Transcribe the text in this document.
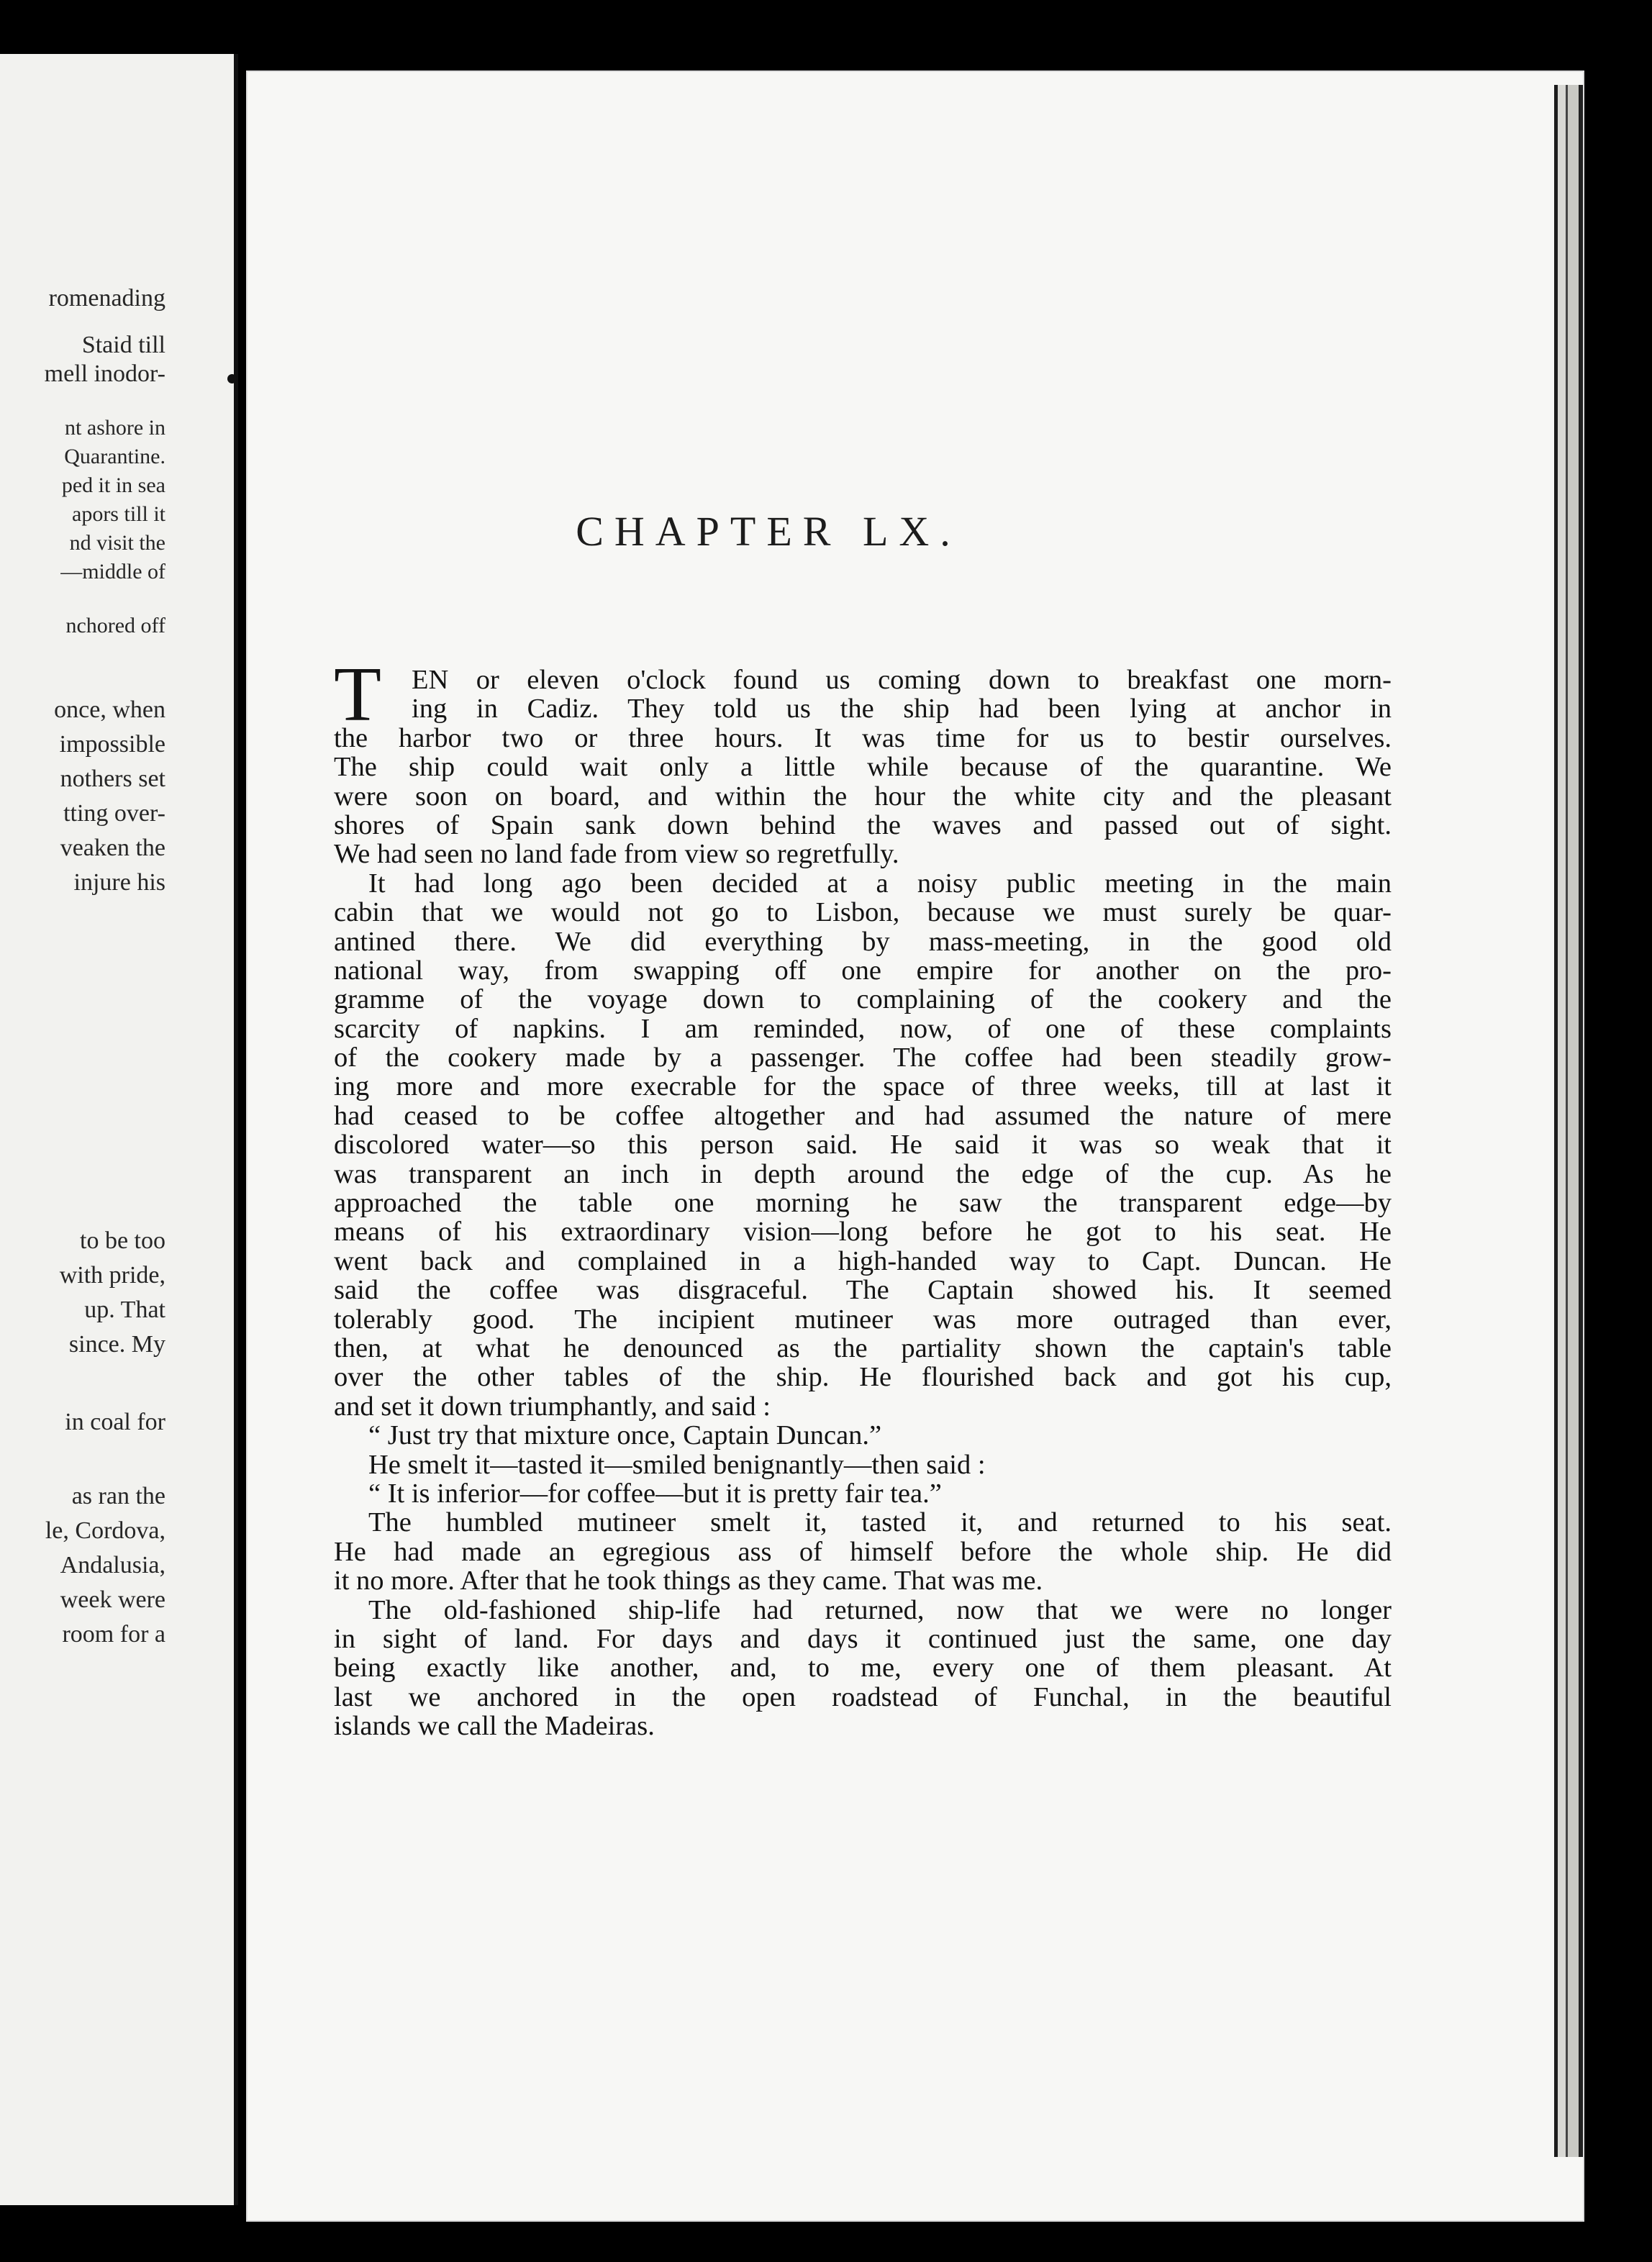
romenading
Staid till
mell inodor-
nt ashore in
Quarantine.
ped it in sea
apors till it
nd visit the
—middle of
nchored off
once, when
impossible
nothers set
tting over-
veaken the
injure his
to be too
with pride,
up. That
since. My
in coal for
as ran the
le, Cordova,
Andalusia,
week were
room for a
CHAPTER LX.
T	EN or eleven o'clock found us coming down to breakfast one morn-
ing in Cadiz. They told us the ship had been lying at anchor in
the harbor two or three hours. It was time for us to bestir ourselves.
The ship could wait only a little while because of the quarantine. We
were soon on board, and within the hour the white city and the pleasant
shores of Spain sank down behind the waves and passed out of sight.
We had seen no land fade from view so regretfully.
It had long ago been decided at a noisy public meeting in the main
cabin that we would not go to Lisbon, because we must surely be quar-
antined there. We did everything by mass-meeting, in the good old
national way, from swapping off one empire for another on the pro-
gramme of the voyage down to complaining of the cookery and the
scarcity of napkins. I am reminded, now, of one of these complaints
of the cookery made by a passenger. The coffee had been steadily grow-
ing more and more execrable for the space of three weeks, till at last it
had ceased to be coffee altogether and had assumed the nature of mere
discolored water—so this person said. He said it was so weak that it
was transparent an inch in depth around the edge of the cup. As he
approached the table one morning he saw the transparent edge—by
means of his extraordinary vision—long before he got to his seat. He
went back and complained in a high-handed way to Capt. Duncan. He
said the coffee was disgraceful. The Captain showed his. It seemed
tolerably good. The incipient mutineer was more outraged than ever,
then, at what he denounced as the partiality shown the captain's table
over the other tables of the ship. He flourished back and got his cup,
and set it down triumphantly, and said :
“ Just try that mixture once, Captain Duncan.”
He smelt it—tasted it—smiled benignantly—then said :
“ It is inferior—for coffee—but it is pretty fair tea.”
The humbled mutineer smelt it, tasted it, and returned to his seat.
He had made an egregious ass of himself before the whole ship. He did
it no more. After that he took things as they came. That was me.
The old-fashioned ship-life had returned, now that we were no longer
in sight of land. For days and days it continued just the same, one day
being exactly like another, and, to me, every one of them pleasant. At
last we anchored in the open roadstead of Funchal, in the beautiful
islands we call the Madeiras.
